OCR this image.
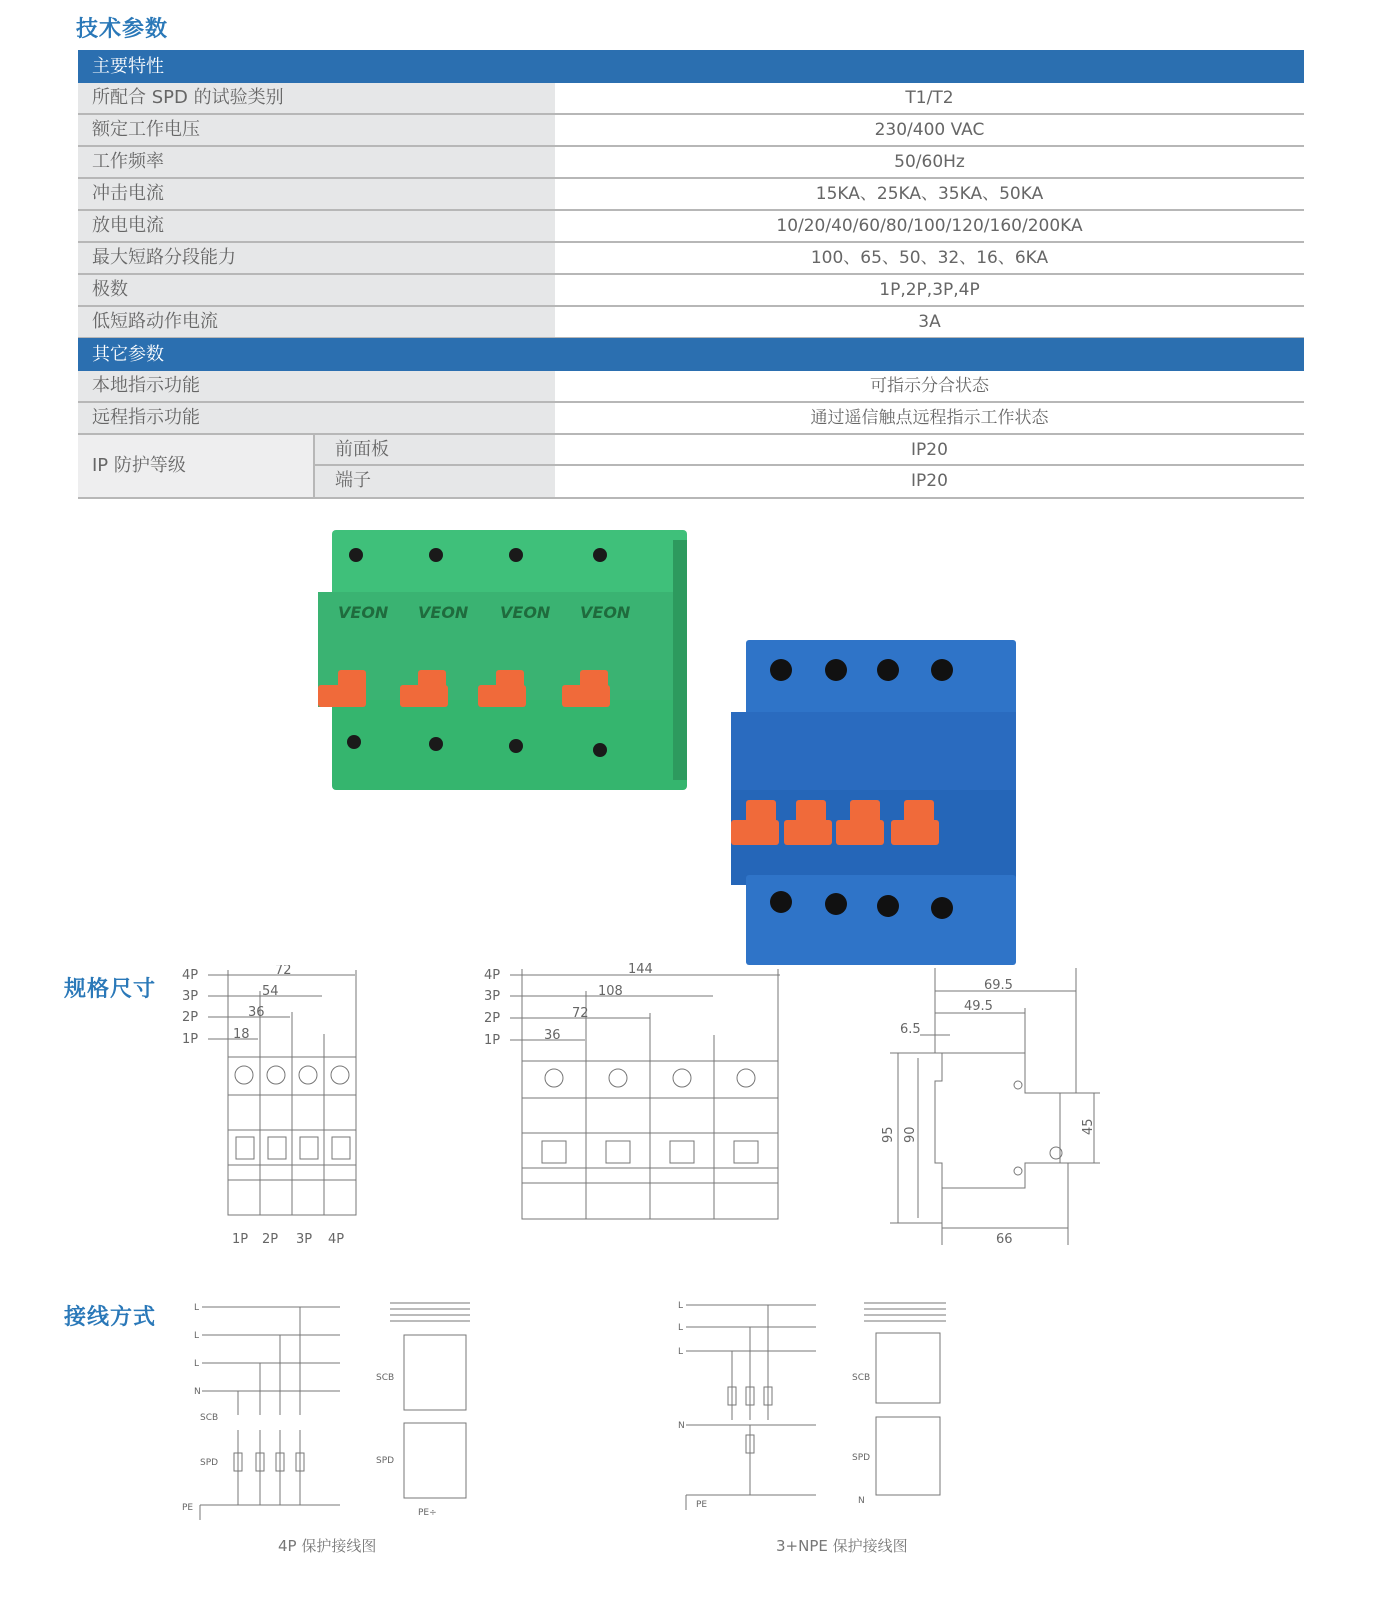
技术参数
规格尺寸
接线方式
主要特性
所配合 SPD 的试验类别	T1/T2
额定工作电压	230/400 VAC
工作频率	50/60Hz
冲击电流	15KA、25KA、35KA、50KA
放电电流	10/20/40/60/80/100/120/160/200KA
最大短路分段能力	100、65、50、32、16、6KA
极数	1P,2P,3P,4P
低短路动作电流	3A
其它参数
本地指示功能	可指示分合状态
远程指示功能	通过遥信触点远程指示工作状态
IP 防护等级
前面板	IP20
端子	IP20
VEON VEON VEON VEON
4P
3P
2P
1P
72
54
36
18
1P 2P 3P 4P
4P
3P
2P
1P
144
108
72
36
69.5
49.5
6.5
95 90	45
66
L
L
L
N
SCB
SPD
PE
SCB
SPD
PE÷
4P 保护接线图
L
L
L
N
PE
SCB
SPD
N
3+NPE 保护接线图
